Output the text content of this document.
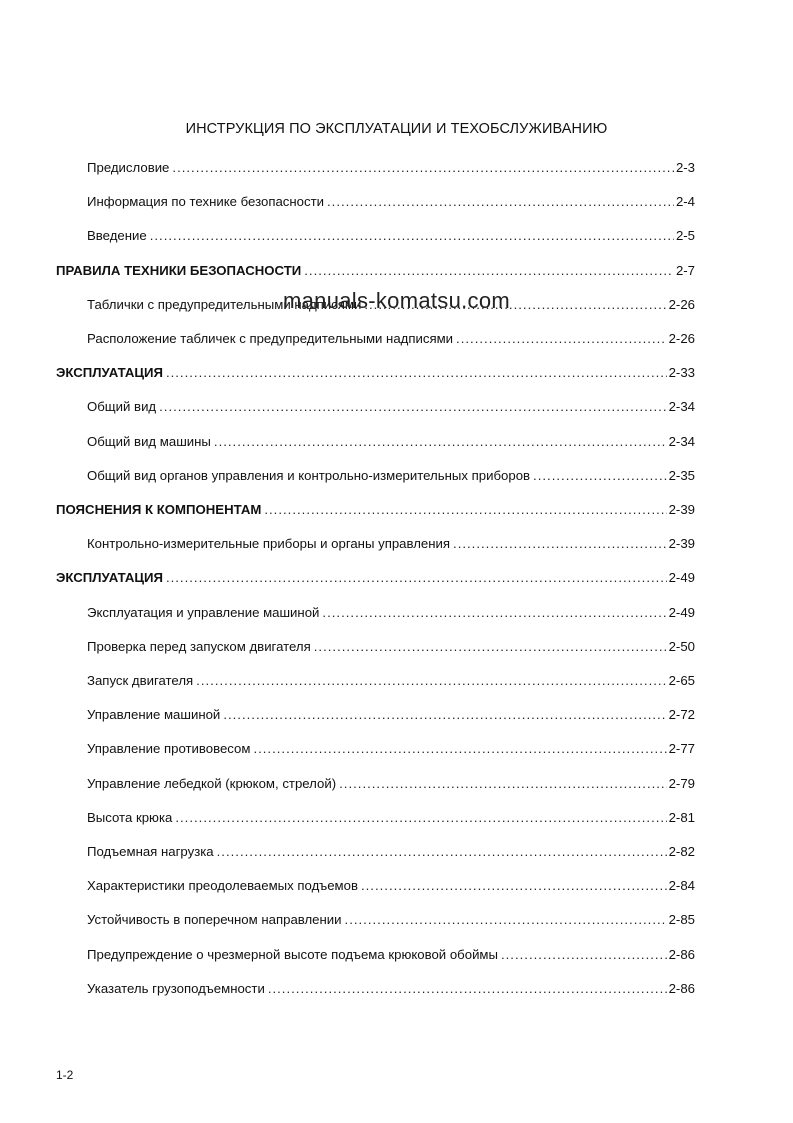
ИНСТРУКЦИЯ ПО ЭКСПЛУАТАЦИИ И ТЕХОБСЛУЖИВАНИЮ
Предисловие .....	2-3
Информация по технике безопасности .....	2-4
Введение .....	2-5
ПРАВИЛА ТЕХНИКИ БЕЗОПАСНОСТИ .....	2-7
Таблички с предупредительными надписями .....	2-26
Расположение табличек с предупредительными надписями .....	2-26
ЭКСПЛУАТАЦИЯ .....	2-33
Общий вид .....	2-34
Общий вид машины .....	2-34
Общий вид органов управления и контрольно-измерительных приборов .....	2-35
ПОЯСНЕНИЯ К КОМПОНЕНТАМ .....	2-39
Контрольно-измерительные приборы и органы управления .....	2-39
ЭКСПЛУАТАЦИЯ .....	2-49
Эксплуатация и управление машиной .....	2-49
Проверка перед запуском двигателя .....	2-50
Запуск двигателя .....	2-65
Управление машиной .....	2-72
Управление противовесом .....	2-77
Управление лебедкой (крюком, стрелой) .....	2-79
Высота крюка .....	2-81
Подъемная нагрузка .....	2-82
Характеристики преодолеваемых подъемов .....	2-84
Устойчивость в поперечном направлении .....	2-85
Предупреждение о чрезмерной высоте подъема крюковой обоймы .....	2-86
Указатель грузоподъемности .....	2-86
manuals-komatsu.com
1-2
